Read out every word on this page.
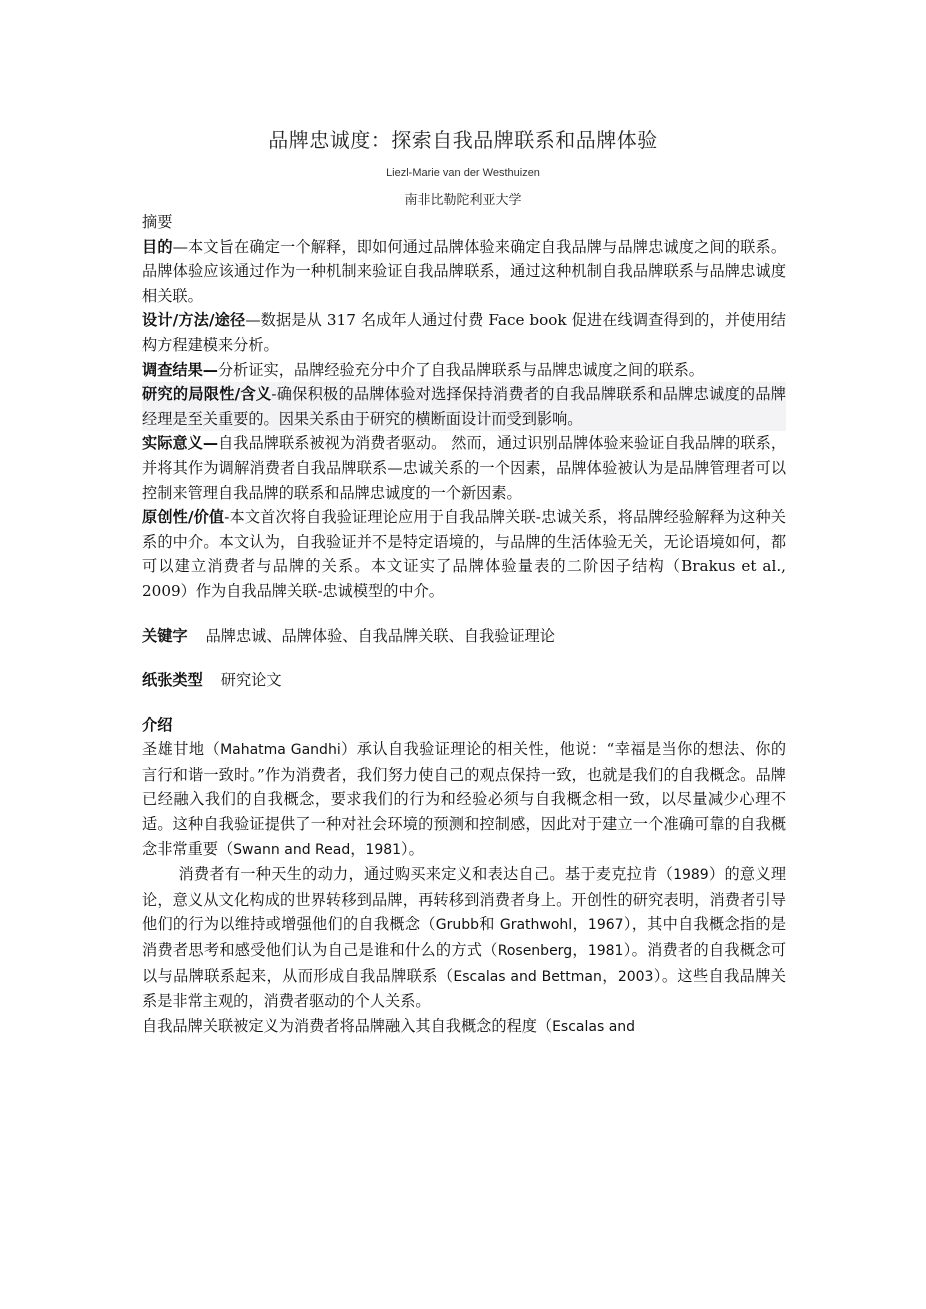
品牌忠诚度：探索自我品牌联系和品牌体验
Liezl-Marie van der Westhuizen
南非比勒陀利亚大学

摘要

目的—本文旨在确定一个解释，即如何通过品牌体验来确定自我品牌与品牌忠诚度之间的联系。 品牌体验应该通过作为一种机制来验证自我品牌联系，通过这种机制自我品牌联系与品牌忠诚度相关联。

设计/方法/途径—数据是从 317 名成年人通过付费 Face book 促进在线调查得到的，并使用结构方程建模来分析。

调查结果—分析证实，品牌经验充分中介了自我品牌联系与品牌忠诚度之间的联系。

研究的局限性/含义-确保积极的品牌体验对选择保持消费者的自我品牌联系和品牌忠诚度的品牌经理是至关重要的。因果关系由于研究的横断面设计而受到影响。

实际意义—自我品牌联系被视为消费者驱动。 然而，通过识别品牌体验来验证自我品牌的联系，并将其作为调解消费者自我品牌联系—忠诚关系的一个因素，品牌体验被认为是品牌管理者可以控制来管理自我品牌的联系和品牌忠诚度的一个新因素。

原创性/价值-本文首次将自我验证理论应用于自我品牌关联-忠诚关系，将品牌经验解释为这种关系的中介。本文认为，自我验证并不是特定语境的，与品牌的生活体验无关，无论语境如何，都可以建立消费者与品牌的关系。本文证实了品牌体验量表的二阶因子结构（Brakus et al., 2009）作为自我品牌关联-忠诚模型的中介。

关键字 品牌忠诚、品牌体验、自我品牌关联、自我验证理论

纸张类型 研究论文

介绍

圣雄甘地（Mahatma Gandhi）承认自我验证理论的相关性，他说：“幸福是当你的想法、你的言行和谐一致时。”作为消费者，我们努力使自己的观点保持一致，也就是我们的自我概念。品牌已经融入我们的自我概念，要求我们的行为和经验必须与自我概念相一致，以尽量减少心理不适。这种自我验证提供了一种对社会环境的预测和控制感，因此对于建立一个准确可靠的自我概念非常重要（Swann and Read，1981）。

消费者有一种天生的动力，通过购买来定义和表达自己。基于麦克拉肯（1989）的意义理论，意义从文化构成的世界转移到品牌，再转移到消费者身上。开创性的研究表明，消费者引导他们的行为以维持或增强他们的自我概念（Grubb和 Grathwohl，1967），其中自我概念指的是消费者思考和感受他们认为自己是谁和什么的方式（Rosenberg，1981）。消费者的自我概念可以与品牌联系起来，从而形成自我品牌联系（Escalas and Bettman，2003）。这些自我品牌关系是非常主观的，消费者驱动的个人关系。

自我品牌关联被定义为消费者将品牌融入其自我概念的程度（Escalas and
